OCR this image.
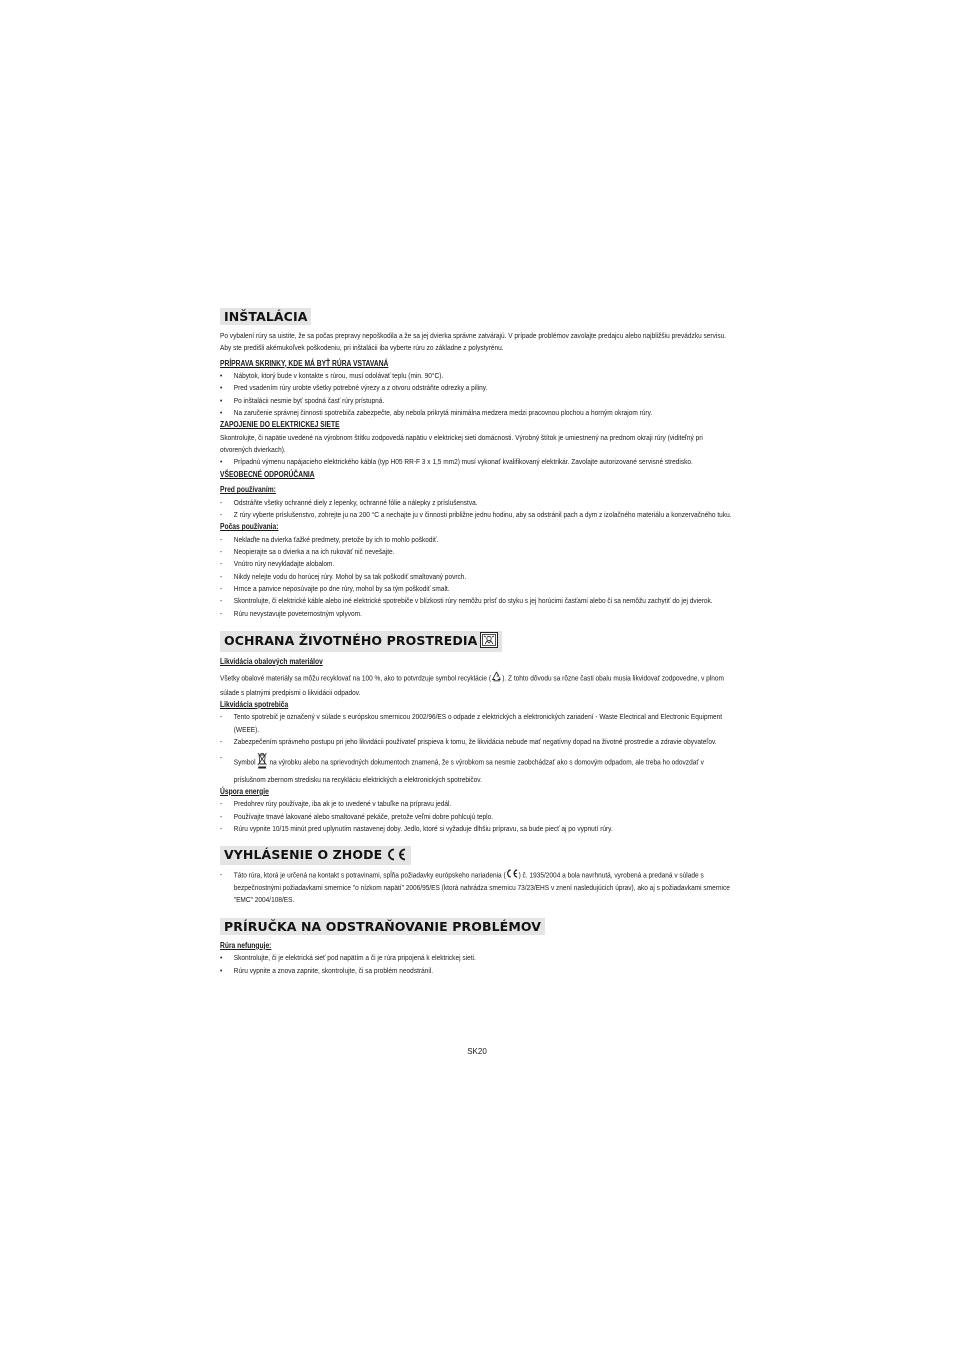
INŠTALÁCIA

Po vybalení rúry sa uistite, že sa počas prepravy nepoškodila a že sa jej dvierka správne zatvárajú. V prípade problémov zavolajte predajcu alebo najbližšiu prevádzku servisu. Aby ste predišli akémukoľvek poškodeniu, pri inštalácii iba vyberte rúru zo základne z polystyrénu.

PRÍPRAVA SKRINKY, KDE MÁ BYŤ RÚRA VSTAVANÁ

• Nábytok, ktorý bude v kontakte s rúrou, musí odolávať teplu (min. 90°C).
• Pred vsadením rúry urobte všetky potrebné výrezy a z otvoru odstráňte odrezky a piliny.
• Po inštalácii nesmie byť spodná časť rúry prístupná.
• Na zaručenie správnej činnosti spotrebiča zabezpečte, aby nebola prikrytá minimálna medzera medzi pracovnou plochou a horným okrajom rúry.

ZAPOJENIE DO ELEKTRICKEJ SIETE

Skontrolujte, či napätie uvedené na výrobnom štítku zodpovedá napätiu v elektrickej sieti domácnosti. Výrobný štítok je umiestnený na prednom okraji rúry (viditeľný pri otvorených dvierkach).

• Prípadnú výmenu napájacieho elektrického kábla (typ H05 RR-F 3 x 1,5 mm2) musí vykonať kvalifikovaný elektrikár. Zavolajte autorizované servisné stredisko.

VŠEOBECNÉ ODPORÚČANIA

Pred používaním:

- Odstráňte všetky ochranné diely z lepenky, ochranné fólie a nálepky z príslušenstva.
- Z rúry vyberte príslušenstvo, zohrejte ju na 200 °C a nechajte ju v činnosti približne jednu hodinu, aby sa odstránil pach a dym z izolačného materiálu a konzervačného tuku.

Počas používania:

- Neklaďte na dvierka ťažké predmety, pretože by ich to mohlo poškodiť.
- Neopierajte sa o dvierka a na ich rukoväť nič nevešajte.
- Vnútro rúry nevykladajte alobalom.
- Nikdy nelejte vodu do horúcej rúry. Mohol by sa tak poškodiť smaltovaný povrch.
- Hrnce a panvice neposúvajte po dne rúry, mohol by sa tým poškodiť smalt.
- Skontrolujte, či elektrické káble alebo iné elektrické spotrebiče v blízkosti rúry nemôžu prísť do styku s jej horúcimi časťami alebo či sa nemôžu zachytiť do jej dvierok.
- Rúru nevystavujte poveternostným vplyvom.
OCHRANA ŽIVOTNÉHO PROSTREDIA

Likvidácia obalových materiálov

Všetky obalové materiály sa môžu recyklovať na 100 %, ako to potvrdzuje symbol recyklácie ( ). Z tohto dôvodu sa rôzne časti obalu musia likvidovať zodpovedne, v plnom súlade s platnými predpismi o likvidácii odpadov.

Likvidácia spotrebiča

- Tento spotrebič je označený v súlade s európskou smernicou 2002/96/ES o odpade z elektrických a elektronických zariadení - Waste Electrical and Electronic Equipment (WEEE).
- Zabezpečením správneho postupu pri jeho likvidácii používateľ prispieva k tomu, že likvidácia nebude mať negatívny dopad na životné prostredie a zdravie obyvateľov.
-
Symbol na výrobku alebo na sprievodných dokumentoch znamená, že s výrobkom sa nesmie zaobchádzať ako s domovým odpadom, ale treba ho odovzdať v príslušnom zbernom stredisku na recykláciu elektrických a elektronických spotrebičov.

Úspora energie

- Predohrev rúry používajte, iba ak je to uvedené v tabuľke na prípravu jedál.
- Používajte tmavé lakované alebo smaltované pekáče, pretože veľmi dobre pohlcujú teplo.
- Rúru vypnite 10/15 minút pred uplynutím nastavenej doby. Jedlo, ktoré si vyžaduje dlhšiu prípravu, sa bude piecť aj po vypnutí rúry.
VYHLÁSENIE O ZHODE
- Táto rúra, ktorá je určená na kontakt s potravinami, spĺňa požiadavky európskeho nariadenia ( ) č. 1935/2004 a bola navrhnutá, vyrobená a predaná v súlade s bezpečnostnými požiadavkami smernice "o nízkom napätí" 2006/95/ES (ktorá nahrádza smernicu 73/23/EHS v znení nasledujúcich úprav), ako aj s požiadavkami smernice "EMC" 2004/108/ES.
PRÍRUČKA NA ODSTRAŇOVANIE PROBLÉMOV

Rúra nefunguje:

• Skontrolujte, či je elektrická sieť pod napätím a či je rúra pripojená k elektrickej sieti.
• Rúru vypnite a znova zapnite, skontrolujte, či sa problém neodstránil.
SK20
